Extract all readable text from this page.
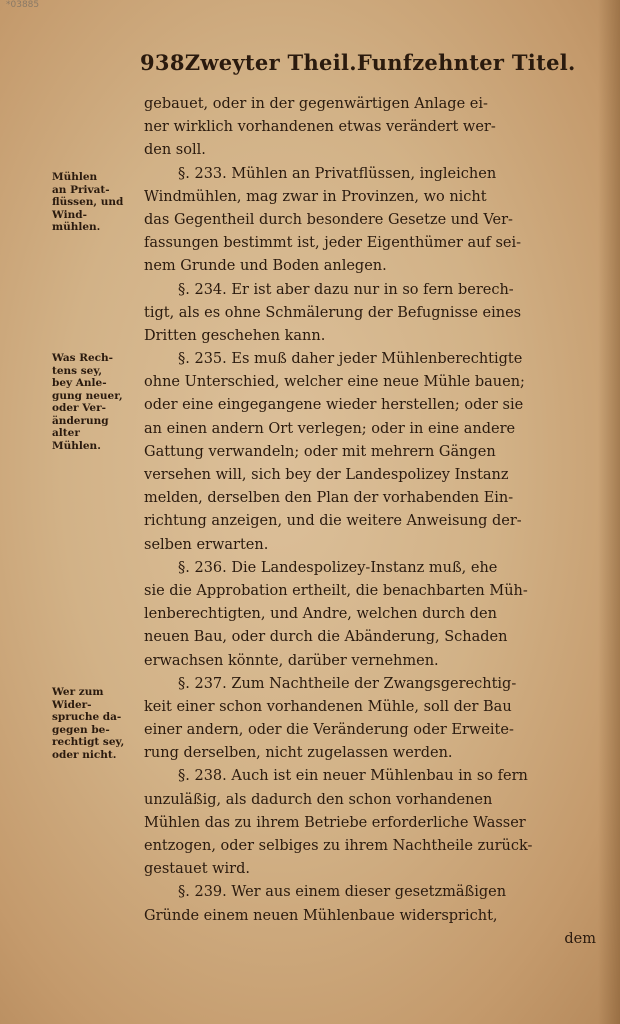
*03885
938 Zweyter Theil. Funfzehnter Titel.
Mühlen
an Privat-
flüssen, und
Wind-
mühlen.
Was Rech-
tens sey,
bey Anle-
gung neuer,
oder Ver-
änderung
alter
Mühlen.
Wer zum
Wider-
spruche da-
gegen be-
rechtigt sey,
oder nicht.
gebauet, oder in der gegenwärtigen Anlage ei-
ner wirklich vorhandenen etwas verändert wer-
den soll.
§. 233. Mühlen an Privatflüssen, ingleichen
Windmühlen, mag zwar in Provinzen, wo nicht
das Gegentheil durch besondere Gesetze und Ver-
fassungen bestimmt ist, jeder Eigenthümer auf sei-
nem Grunde und Boden anlegen.
§. 234. Er ist aber dazu nur in so fern berech-
tigt, als es ohne Schmälerung der Befugnisse eines
Dritten geschehen kann.
§. 235. Es muß daher jeder Mühlenberechtigte
ohne Unterschied, welcher eine neue Mühle bauen;
oder eine eingegangene wieder herstellen; oder sie
an einen andern Ort verlegen; oder in eine andere
Gattung verwandeln; oder mit mehrern Gängen
versehen will, sich bey der Landespolizey Instanz
melden, derselben den Plan der vorhabenden Ein-
richtung anzeigen, und die weitere Anweisung der-
selben erwarten.
§. 236. Die Landespolizey-Instanz muß, ehe
sie die Approbation ertheilt, die benachbarten Müh-
lenberechtigten, und Andre, welchen durch den
neuen Bau, oder durch die Abänderung, Schaden
erwachsen könnte, darüber vernehmen.
§. 237. Zum Nachtheile der Zwangsgerechtig-
keit einer schon vorhandenen Mühle, soll der Bau
einer andern, oder die Veränderung oder Erweite-
rung derselben, nicht zugelassen werden.
§. 238. Auch ist ein neuer Mühlenbau in so fern
unzuläßig, als dadurch den schon vorhandenen
Mühlen das zu ihrem Betriebe erforderliche Wasser
entzogen, oder selbiges zu ihrem Nachtheile zurück-
gestauet wird.
§. 239. Wer aus einem dieser gesetzmäßigen
Gründe einem neuen Mühlenbaue widerspricht,
dem
